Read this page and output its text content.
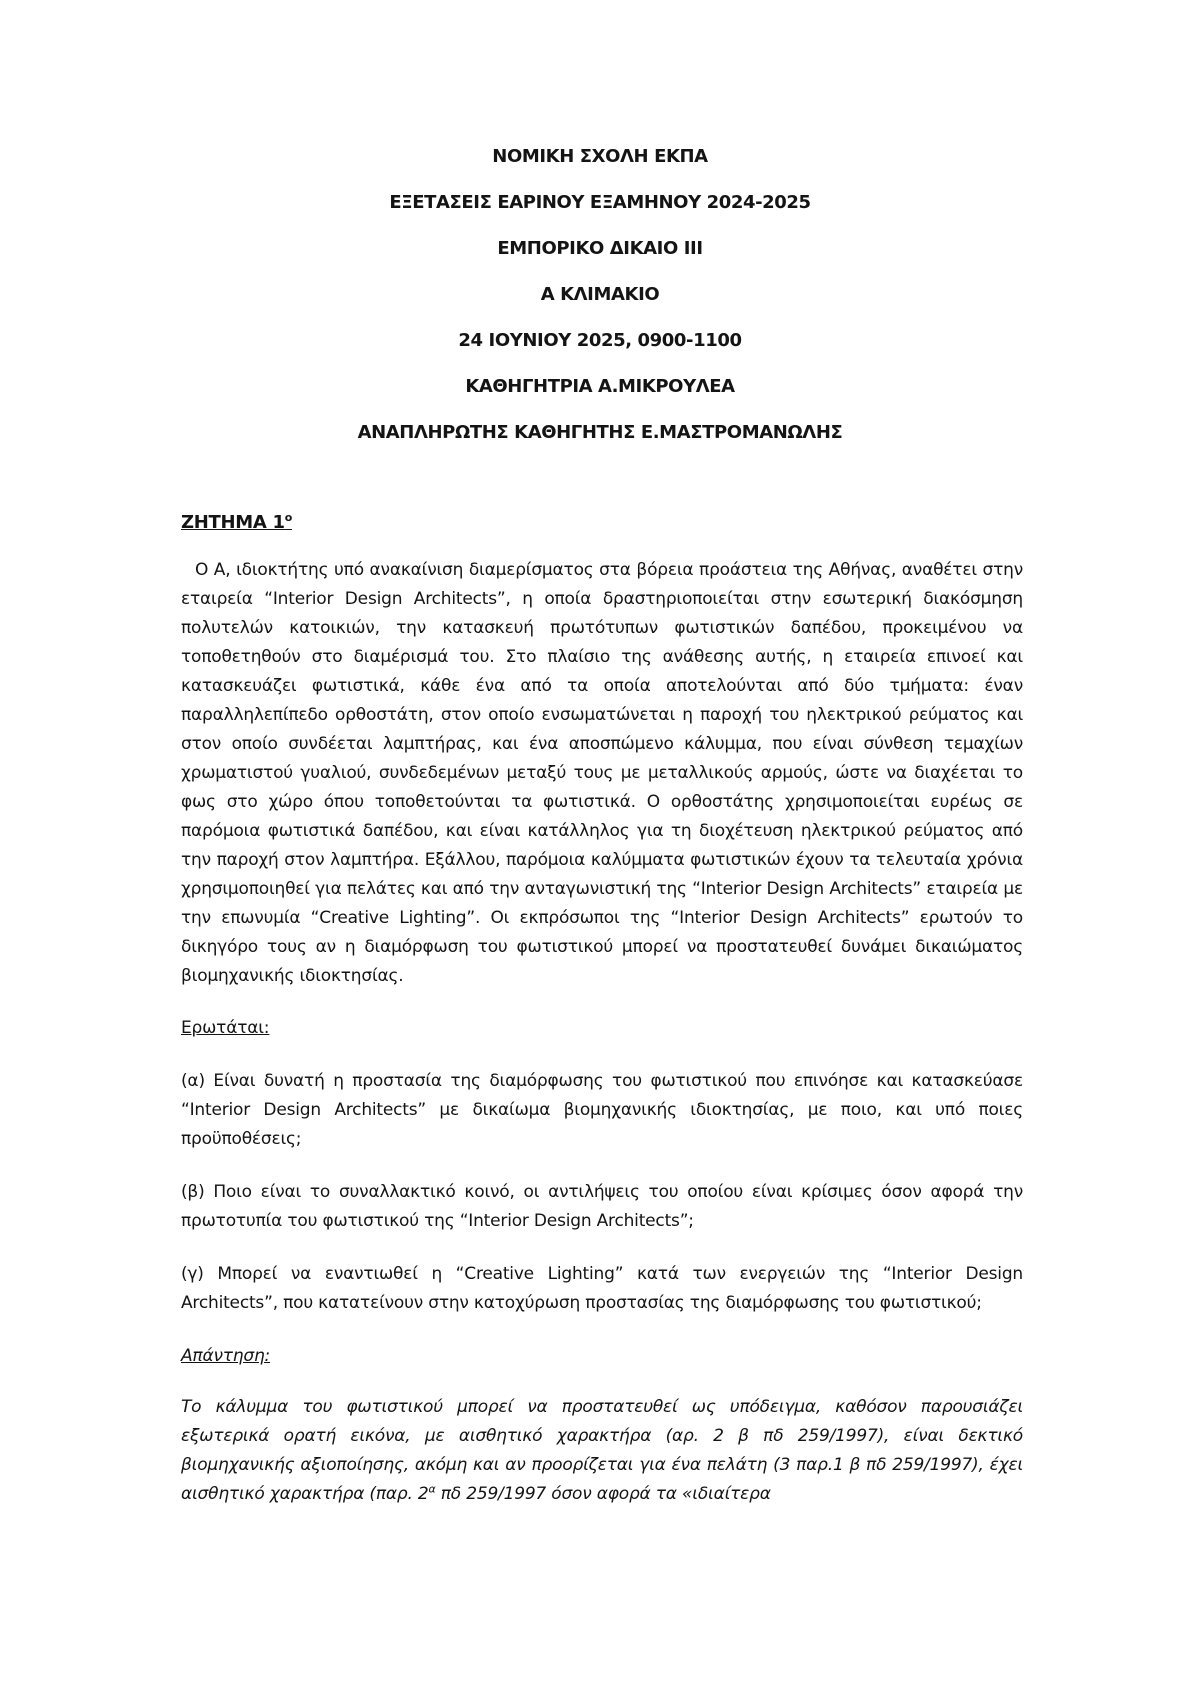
ΝΟΜΙΚΗ ΣΧΟΛΗ ΕΚΠΑ
ΕΞΕΤΑΣΕΙΣ ΕΑΡΙΝΟΥ ΕΞΑΜΗΝΟΥ 2024-2025
ΕΜΠΟΡΙΚΟ ΔΙΚΑΙΟ ΙΙΙ
Α ΚΛΙΜΑΚΙΟ
24 ΙΟΥΝΙΟΥ 2025, 0900-1100
ΚΑΘΗΓΗΤΡΙΑ Α.ΜΙΚΡΟΥΛΕΑ
ΑΝΑΠΛΗΡΩΤΗΣ ΚΑΘΗΓΗΤΗΣ Ε.ΜΑΣΤΡΟΜΑΝΩΛΗΣ
ΖΗΤΗΜΑ $1^o$

Ο Α, ιδιοκτήτης υπό ανακαίνιση διαμερίσματος στα βόρεια προάστεια της Αθήνας, αναθέτει στην εταιρεία “Interior Design Architects”, η οποία δραστηριοποιείται στην εσωτερική διακόσμηση πολυτελών κατοικιών, την κατασκευή πρωτότυπων φωτιστικών δαπέδου, προκειμένου να τοποθετηθούν στο διαμέρισμά του. Στο πλαίσιο της ανάθεσης αυτής, η εταιρεία επινοεί και κατασκευάζει φωτιστικά, κάθε ένα από τα οποία αποτελούνται από δύο τμήματα: έναν παραλληλεπίπεδο ορθοστάτη, στον οποίο ενσωματώνεται η παροχή του ηλεκτρικού ρεύματος και στον οποίο συνδέεται λαμπτήρας, και ένα αποσπώμενο κάλυμμα, που είναι σύνθεση τεμαχίων χρωματιστού γυαλιού, συνδεδεμένων μεταξύ τους με μεταλλικούς αρμούς, ώστε να διαχέεται το φως στο χώρο όπου τοποθετούνται τα φωτιστικά. Ο ορθοστάτης χρησιμοποιείται ευρέως σε παρόμοια φωτιστικά δαπέδου, και είναι κατάλληλος για τη διοχέτευση ηλεκτρικού ρεύματος από την παροχή στον λαμπτήρα. Εξάλλου, παρόμοια καλύμματα φωτιστικών έχουν τα τελευταία χρόνια χρησιμοποιηθεί για πελάτες και από την ανταγωνιστική της “Interior Design Architects” εταιρεία με την επωνυμία “Creative Lighting”. Οι εκπρόσωποι της “Interior Design Architects” ερωτούν το δικηγόρο τους αν η διαμόρφωση του φωτιστικού μπορεί να προστατευθεί δυνάμει δικαιώματος βιομηχανικής ιδιοκτησίας.

Ερωτάται:

(α) Είναι δυνατή η προστασία της διαμόρφωσης του φωτιστικού που επινόησε και κατασκεύασε “Interior Design Architects” με δικαίωμα βιομηχανικής ιδιοκτησίας, με ποιο, και υπό ποιες προϋποθέσεις;

(β) Ποιο είναι το συναλλακτικό κοινό, οι αντιλήψεις του οποίου είναι κρίσιμες όσον αφορά την πρωτοτυπία του φωτιστικού της “Interior Design Architects”;

(γ) Μπορεί να εναντιωθεί η “Creative Lighting” κατά των ενεργειών της “Interior Design Architects”, που κατατείνουν στην κατοχύρωση προστασίας της διαμόρφωσης του φωτιστικού;

Απάντηση:

Το κάλυμμα του φωτιστικού μπορεί να προστατευθεί ως υπόδειγμα, καθόσον παρουσιάζει εξωτερικά ορατή εικόνα, με αισθητικό χαρακτήρα (αρ. 2 β πδ 259/1997), είναι δεκτικό βιομηχανικής αξιοποίησης, ακόμη και αν προορίζεται για ένα πελάτη (3 παρ.1 β πδ 259/1997), έχει αισθητικό χαρακτήρα (παρ. $2^\alpha$ πδ 259/1997 όσον αφορά τα «ιδιαίτερα
